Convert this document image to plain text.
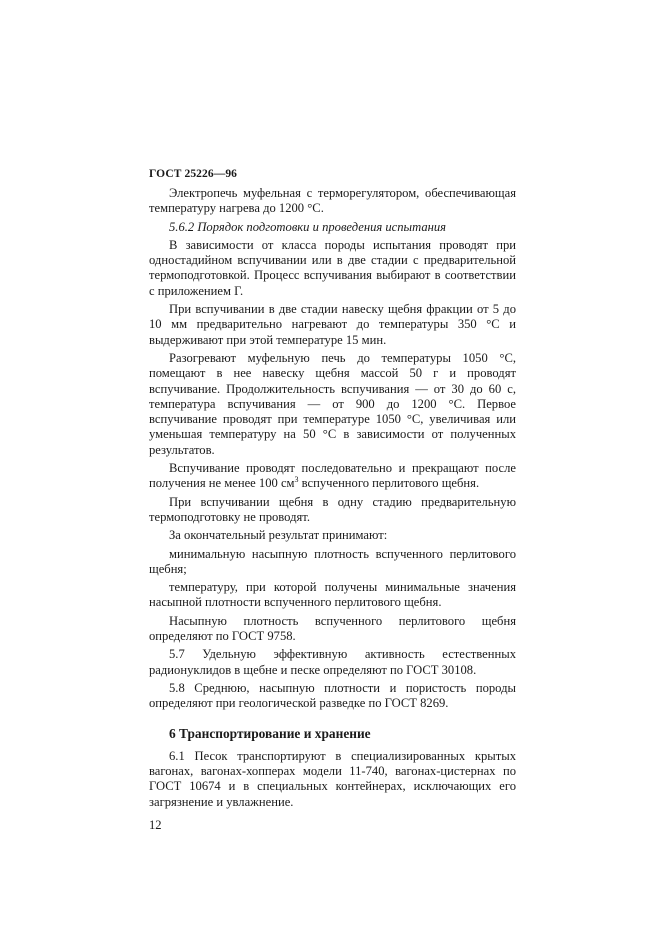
ГОСТ 25226—96

Электропечь муфельная с терморегулятором, обеспечивающая температуру нагрева до 1200 °С.

5.6.2 Порядок подготовки и проведения испытания

В зависимости от класса породы испытания проводят при одностадийном вспучивании или в две стадии с предварительной термоподготовкой. Процесс вспучивания выбирают в соответствии с приложением Г.

При вспучивании в две стадии навеску щебня фракции от 5 до 10 мм предварительно нагревают до температуры 350 °С и выдерживают при этой температуре 15 мин.

Разогревают муфельную печь до температуры 1050 °С, помещают в нее навеску щебня массой 50 г и проводят вспучивание. Продолжительность вспучивания — от 30 до 60 с, температура вспучивания — от 900 до 1200 °С. Первое вспучивание проводят при температуре 1050 °С, увеличивая или уменьшая температуру на 50 °С в зависимости от полученных результатов.

Вспучивание проводят последовательно и прекращают после получения не менее 100 $см^3$ вспученного перлитового щебня.

При вспучивании щебня в одну стадию предварительную термоподготовку не проводят.

За окончательный результат принимают:

минимальную насыпную плотность вспученного перлитового щебня;

температуру, при которой получены минимальные значения насыпной плотности вспученного перлитового щебня.

Насыпную плотность вспученного перлитового щебня определяют по ГОСТ 9758.

5.7 Удельную эффективную активность естественных радионуклидов в щебне и песке определяют по ГОСТ 30108.

5.8 Среднюю, насыпную плотности и пористость породы определяют при геологической разведке по ГОСТ 8269.

6 Транспортирование и хранение

6.1 Песок транспортируют в специализированных крытых вагонах, вагонах-хопперах модели 11-740, вагонах-цистернах по ГОСТ 10674 и в специальных контейнерах, исключающих его загрязнение и увлажнение.

12
